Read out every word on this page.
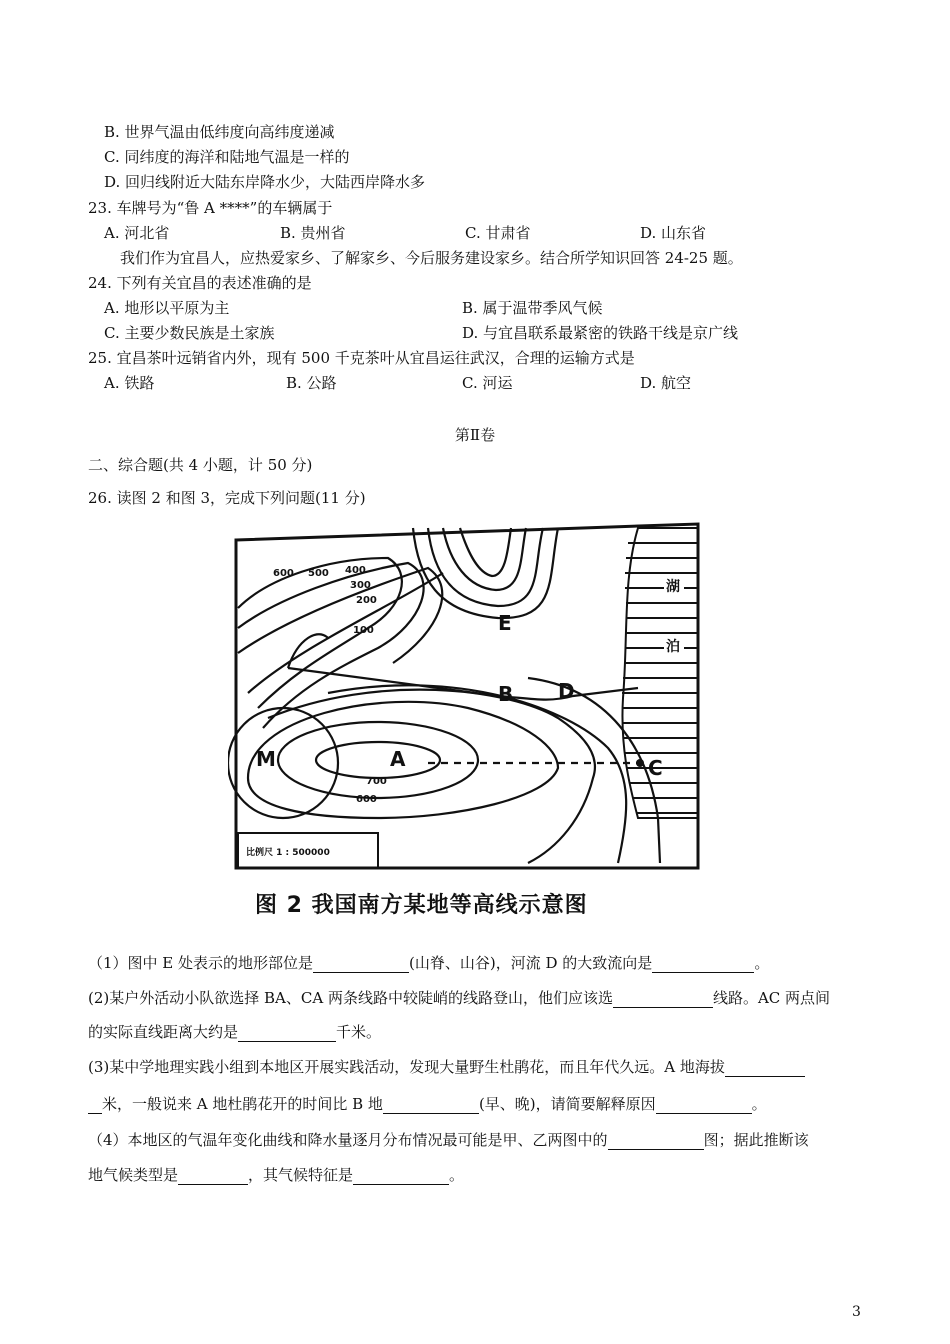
B. 世界气温由低纬度向高纬度递减
C. 同纬度的海洋和陆地气温是一样的
D. 回归线附近大陆东岸降水少，大陆西岸降水多
23. 车牌号为“鲁 A ****”的车辆属于
A. 河北省	B. 贵州省	C. 甘肃省	D. 山东省
我们作为宜昌人，应热爱家乡、了解家乡、今后服务建设家乡。结合所学知识回答 24-25 题。
24. 下列有关宜昌的表述准确的是
A. 地形以平原为主	B. 属于温带季风气候
C. 主要少数民族是土家族	D. 与宜昌联系最紧密的铁路干线是京广线
25. 宜昌茶叶远销省内外，现有 500 千克茶叶从宜昌运往武汉，合理的运输方式是
A. 铁路	B. 公路	C. 河运	D. 航空
第Ⅱ卷
二、综合题(共 4 小题，计 50 分)
26. 读图 2 和图 3，完成下列问题(11 分)
600 500 400
300
200
100
700
600
E
B D
M	A	C
湖
泊
比例尺 1 : 500000
图 2 我国南方某地等高线示意图
（1）图中 E 处表示的地形部位是	(山脊、山谷)，河流 D 的大致流向是	。
(2)某户外活动小队欲选择 BA、CA 两条线路中较陡峭的线路登山，他们应该选	线路。AC 两点间
的实际直线距离大约是	千米。
(3)某中学地理实践小组到本地区开展实践活动，发现大量野生杜鹃花，而且年代久远。A 地海拔
米，一般说来 A 地杜鹃花开的时间比 B 地	(早、晚)，请简要解释原因	。
（4）本地区的气温年变化曲线和降水量逐月分布情况最可能是甲、乙两图中的	图；据此推断该
地气候类型是	，其气候特征是	。
3
